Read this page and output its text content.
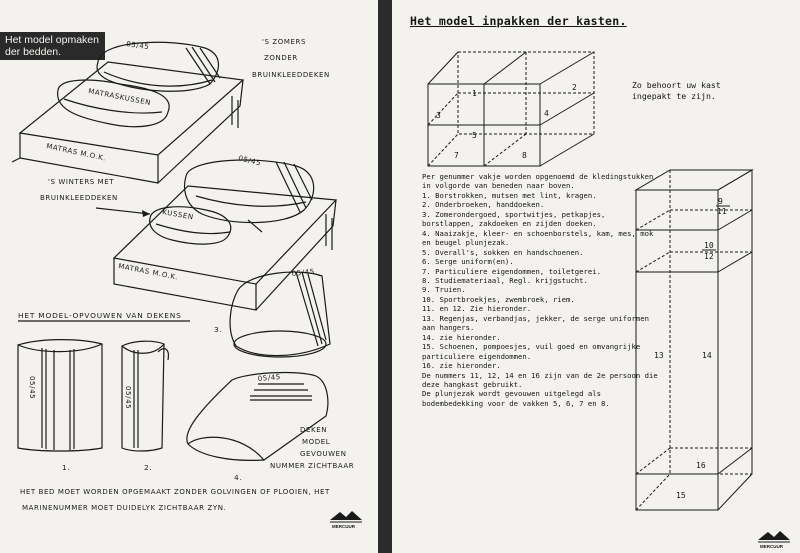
Het model opmaken
der bedden.
05/45
MATRASKUSSEN
MATRAS M.O.K.
'S ZOMERS
ZONDER
BRUINKLEEDDEKEN
05/45
KUSSEN
MATRAS M.O.K.
'S WINTERS MET
BRUINKLEEDDEKEN
HET MODEL-OPVOUWEN VAN DEKENS
05/45
1.
05/45
2.
05/45
3.
05/45
4.
DEKEN
MODEL
GEVOUWEN
NUMMER ZICHTBAAR
HET BED MOET WORDEN OPGEMAAKT ZONDER GOLVINGEN OF PLOOIEN, HET
MARINENUMMER MOET DUIDELYK ZICHTBAAR ZYN.
MERCUUR
Het model inpakken der kasten.
Zo behoort uw kast
ingepakt te zijn.
1
2
3	4
5
7	8
9
11
10
12
13	14
16
15

Per genummer vakje worden opgenoemd de kledingstukken in volgorde van beneden naar boven.

1. Borstrokken, mutsen met lint, kragen.
2. Onderbroeken, handdoeken.
3. Zomerondergoed, sportwitjes, petkapjes, borstlappen, zakdoeken en zijden doeken.
4. Naaizakje, kleer- en schoenborstels, kam, mes, mok en beugel plunjezak.
5. Overall's, sokken en handschoenen.
6. Serge uniform(en).
7. Particuliere eigendommen, toiletgerei.
8. Studiemateriaal, Regl. krijgstucht.
9. Truien.
10. Sportbroekjes, zwembroek, riem.
11. en 12. Zie hieronder.
13. Regenjas, verbandjas, jekker, de serge uniformen aan hangers.
14. zie hieronder.
15. Schoenen, pompoesjes, vuil goed en omvangrijke particuliere eigendommen.
16. zie hieronder.

De nummers 11, 12, 14 en 16 zijn van de 2e persoon die deze hangkast gebruikt.

De plunjezak wordt gevouwen uitgelegd als bodembedekking voor de vakken 5, 6, 7 en 8.

MERCUUR
